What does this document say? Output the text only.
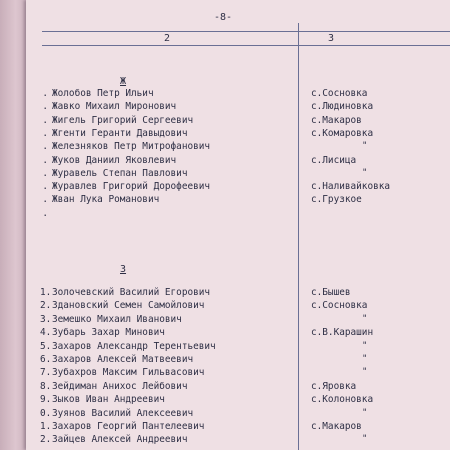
-8-
2	3
Ж
З
. Жолобов Петр Ильич	с.Сосновка
. Жавко Михаил Миронович	с.Людиновка
. Жигель Григорий Сергеевич	с.Макаров
. Жгенти Геранти Давыдович	с.Комаровка
. Железняков Петр Митрофанович	"
. Жуков Даниил Яковлевич	с.Лисица
. Журавель Степан Павлович	"
. Журавлев Григорий Дорофеевич	с.Наливайковка
. Жван Лука Романович	с.Грузкое
.
1.Золочевский Василий Егорович	с.Бышев
2.Здановский Семен Самойлович	с.Сосновка
3.Земешко Михаил Иванович	"
4.Зубарь Захар Минович	с.В.Карашин
5.Захаров Александр Терентьевич	"
6.Захаров Алексей Матвеевич	"
7.Зубахров Максим Гильвасович	"
8.Зейдиман Анихос Лейбович	с.Яровка
9.Зыков Иван Андреевич	с.Колоновка
0.Зуянов Василий Алексеевич	"
1.Захаров Георгий Пантелеевич	с.Макаров
2.Зайцев Алексей Андреевич	"
